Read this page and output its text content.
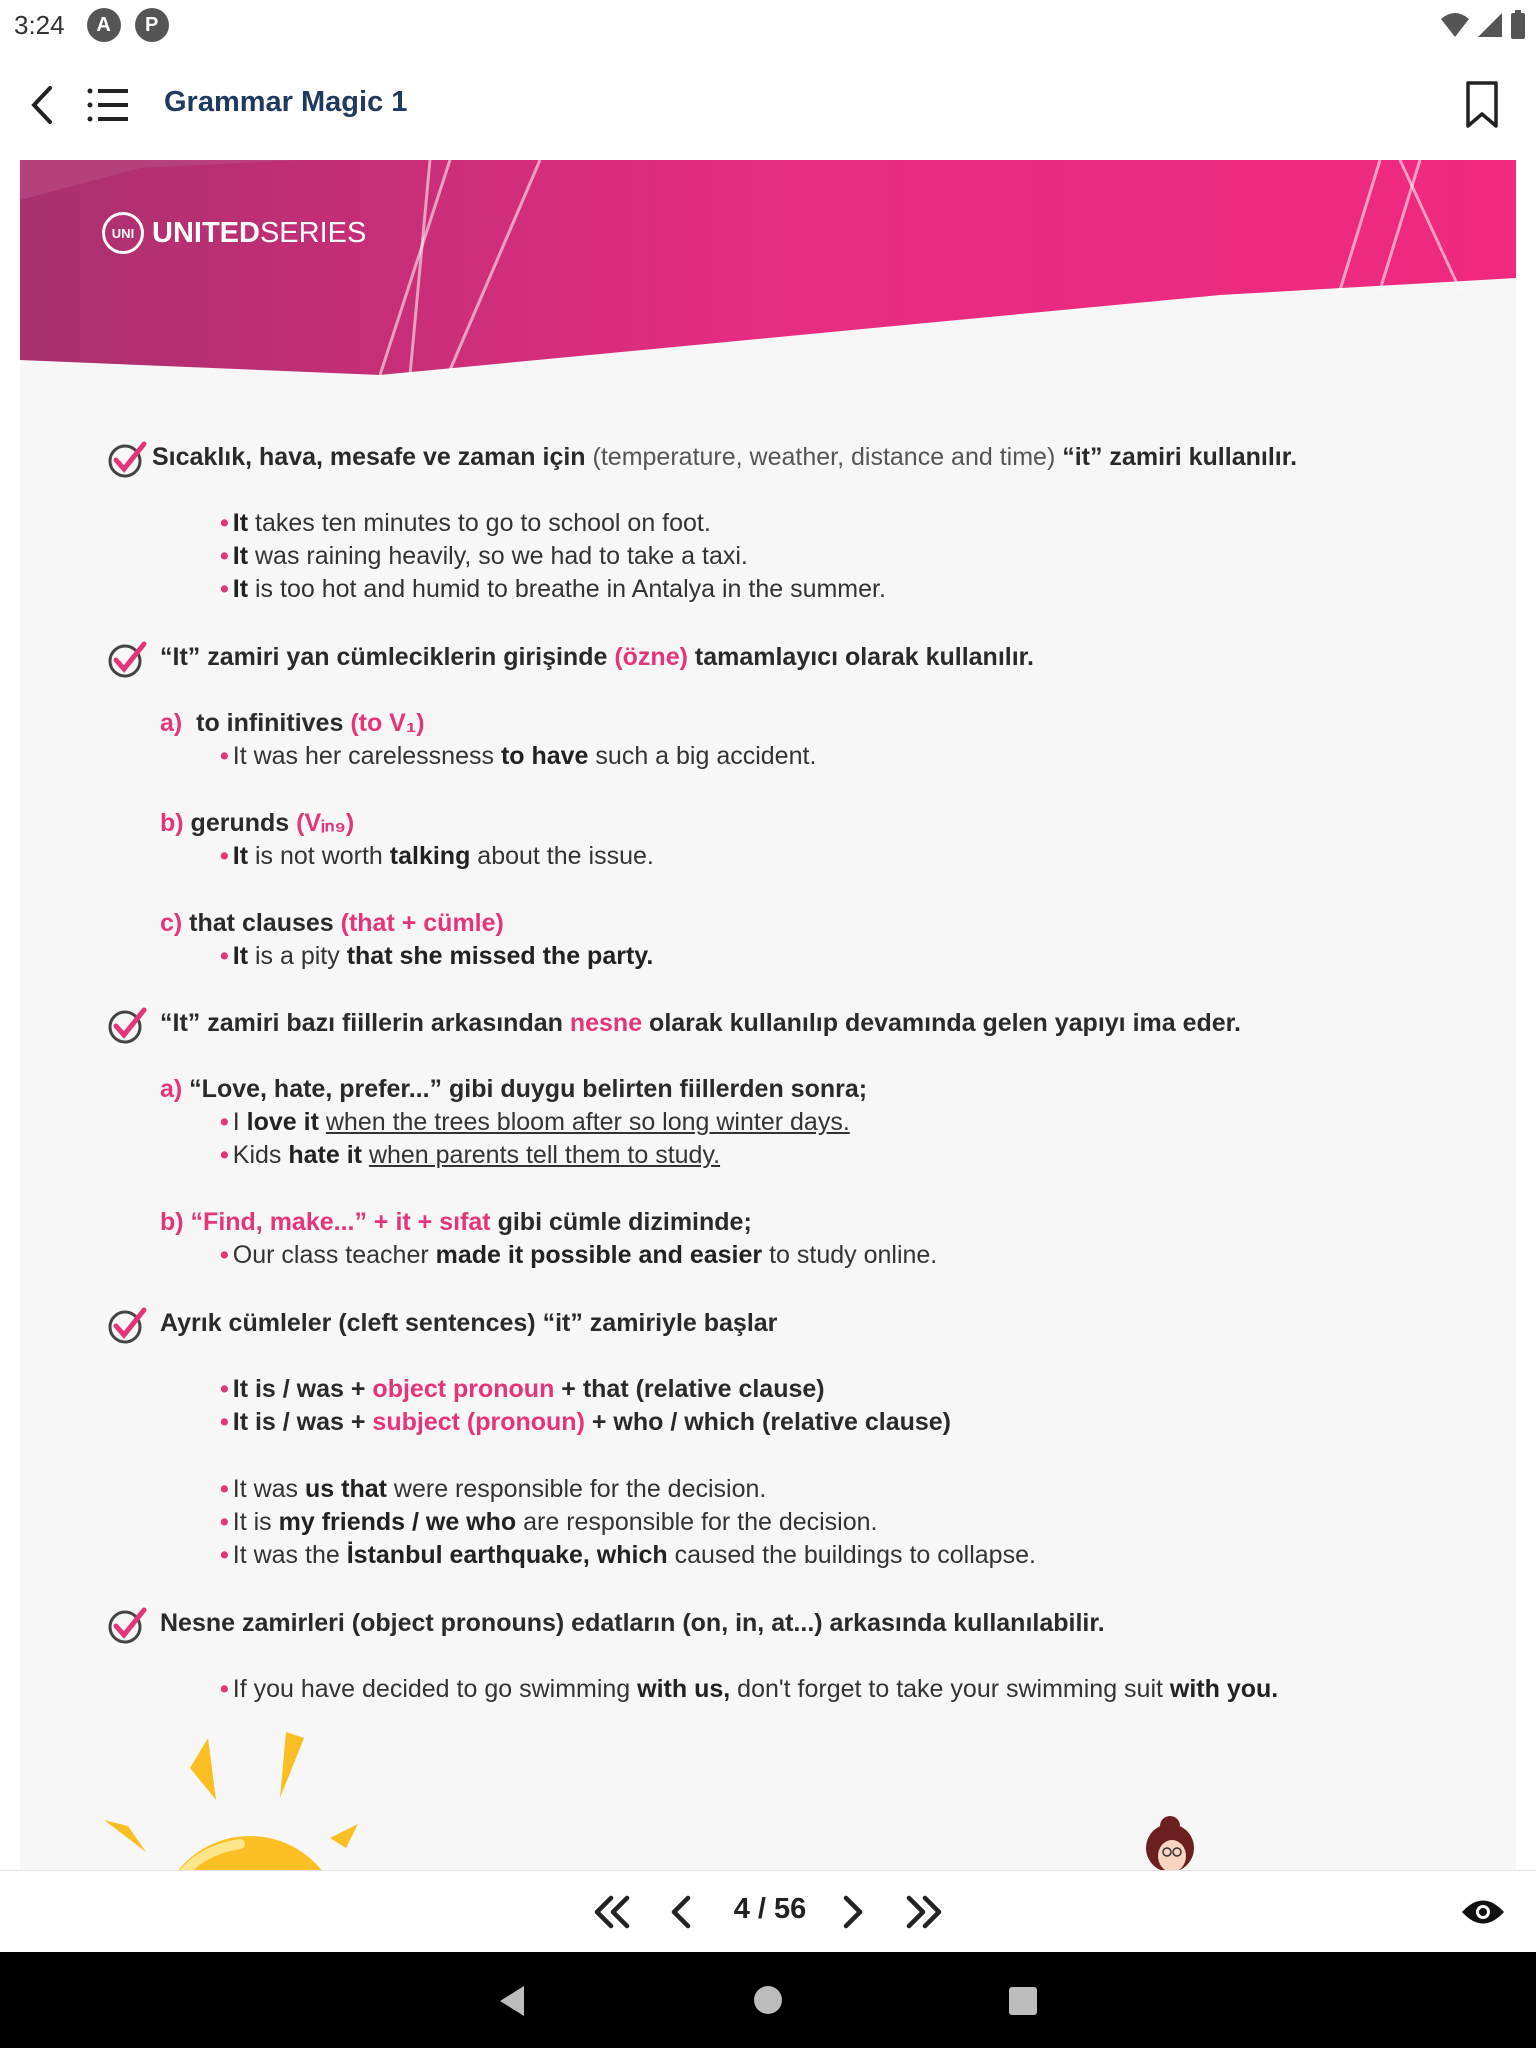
3:24	A	P
Grammar Magic 1
UNI UNITED SERIES
Sıcaklık, hava, mesafe ve zaman için (temperature, weather, distance and time) “it” zamiri kullanılır.
• It takes ten minutes to go to school on foot.
• It was raining heavily, so we had to take a taxi.
• It is too hot and humid to breathe in Antalya in the summer.
“It” zamiri yan cümleciklerin girişinde (özne) tamamlayıcı olarak kullanılır.
a)  to infinitives (to V₁)
• It was her carelessness to have such a big accident.
b) gerunds (Vᵢₙ₉)
• It is not worth talking about the issue.
c) that clauses (that + cümle)
• It is a pity that she missed the party.
“It” zamiri bazı fiillerin arkasından nesne olarak kullanılıp devamında gelen yapıyı ima eder.
a) “Love, hate, prefer...” gibi duygu belirten fiillerden sonra;
• I love it when the trees bloom after so long winter days.
• Kids hate it when parents tell them to study.
b) “Find, make...” + it + sıfat gibi cümle diziminde;
• Our class teacher made it possible and easier to study online.
Ayrık cümleler (cleft sentences) “it” zamiriyle başlar
• It is / was + object pronoun + that (relative clause)
• It is / was + subject (pronoun) + who / which (relative clause)
• It was us that were responsible for the decision.
• It is my friends / we who are responsible for the decision.
• It was the İstanbul earthquake, which caused the buildings to collapse.
Nesne zamirleri (object pronouns) edatların (on, in, at...) arkasında kullanılabilir.
• If you have decided to go swimming with us, don't forget to take your swimming suit with you.
4 / 56
